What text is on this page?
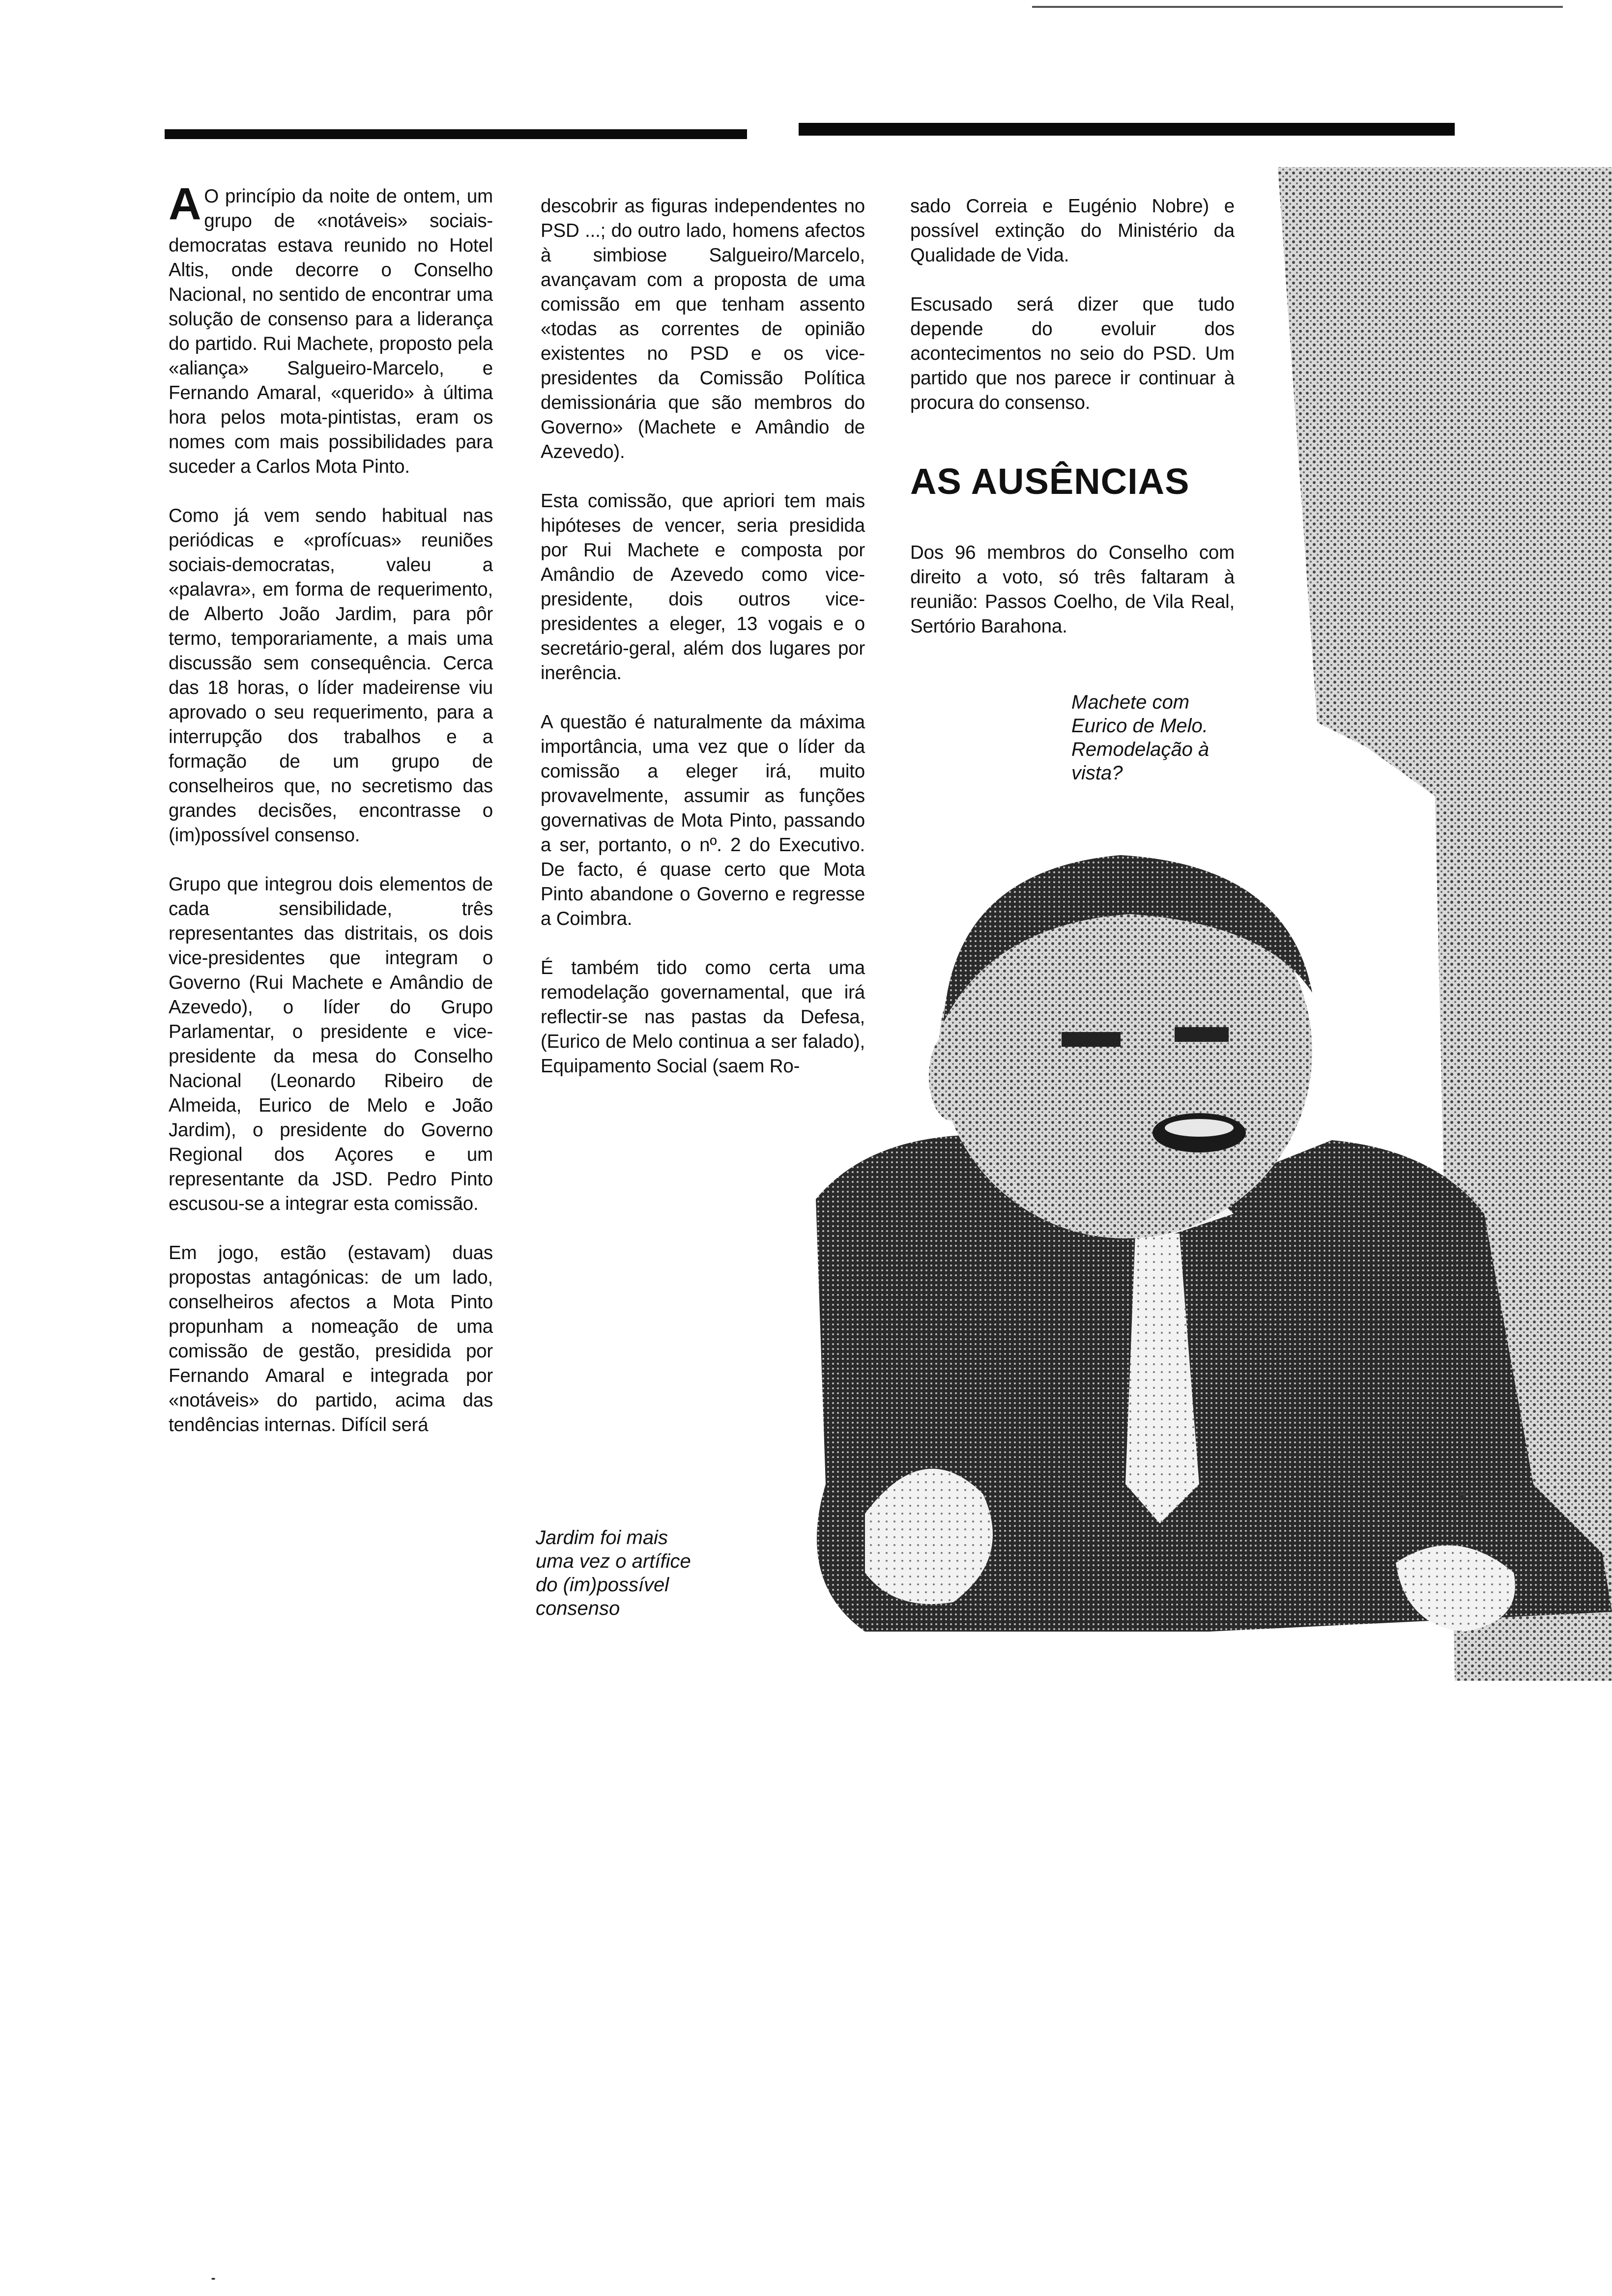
A O princípio da noite de ontem, um grupo de «notáveis» sociais-democratas estava reunido no Hotel Altis, onde decorre o Conselho Nacional, no sentido de encontrar uma solução de consenso para a liderança do partido. Rui Machete, proposto pela «aliança» Salgueiro-Marcelo, e Fernando Amaral, «querido» à última hora pelos mota-pintistas, eram os nomes com mais possibilidades para suceder a Carlos Mota Pinto.

Como já vem sendo habitual nas periódicas e «profícuas» reuniões sociais-democratas, valeu a «palavra», em forma de requerimento, de Alberto João Jardim, para pôr termo, temporariamente, a mais uma discussão sem consequência. Cerca das 18 horas, o líder madeirense viu aprovado o seu requerimento, para a interrupção dos trabalhos e a formação de um grupo de conselheiros que, no secretismo das grandes decisões, encontrasse o (im)possível consenso.

Grupo que integrou dois elementos de cada sensibilidade, três representantes das distritais, os dois vice-presidentes que integram o Governo (Rui Machete e Amândio de Azevedo), o líder do Grupo Parlamentar, o presidente e vice-presidente da mesa do Conselho Nacional (Leonardo Ribeiro de Almeida, Eurico de Melo e João Jardim), o presidente do Governo Regional dos Açores e um representante da JSD. Pedro Pinto escusou-se a integrar esta comissão.

Em jogo, estão (estavam) duas propostas antagónicas: de um lado, conselheiros afectos a Mota Pinto propunham a nomeação de uma comissão de gestão, presidida por Fernando Amaral e integrada por «notáveis» do partido, acima das tendências internas. Difícil será

descobrir as figuras independentes no PSD ...; do outro lado, homens afectos à simbiose Salgueiro/Marcelo, avançavam com a proposta de uma comissão em que tenham assento «todas as correntes de opinião existentes no PSD e os vice-presidentes da Comissão Política demissionária que são membros do Governo» (Machete e Amândio de Azevedo).

Esta comissão, que apriori tem mais hipóteses de vencer, seria presidida por Rui Machete e composta por Amândio de Azevedo como vice-presidente, dois outros vice-presidentes a eleger, 13 vogais e o secretário-geral, além dos lugares por inerência.

A questão é naturalmente da máxima importância, uma vez que o líder da comissão a eleger irá, muito provavelmente, assumir as funções governativas de Mota Pinto, passando a ser, portanto, o nº. 2 do Executivo. De facto, é quase certo que Mota Pinto abandone o Governo e regresse a Coimbra.

É também tido como certa uma remodelação governamental, que irá reflectir-se nas pastas da Defesa, (Eurico de Melo continua a ser falado), Equipamento Social (saem Ro-

sado Correia e Eugénio Nobre) e possível extinção do Ministério da Qualidade de Vida.

Escusado será dizer que tudo depende do evoluir dos acontecimentos no seio do PSD. Um partido que nos parece ir continuar à procura do consenso.

AS AUSÊNCIAS

Dos 96 membros do Conselho com direito a voto, só três faltaram à reunião: Passos Coelho, de Vila Real, Sertório Barahona.

Machete com Eurico de Melo. Remodelação à vista?
Jardim foi mais uma vez o artífice do (im)possível consenso
